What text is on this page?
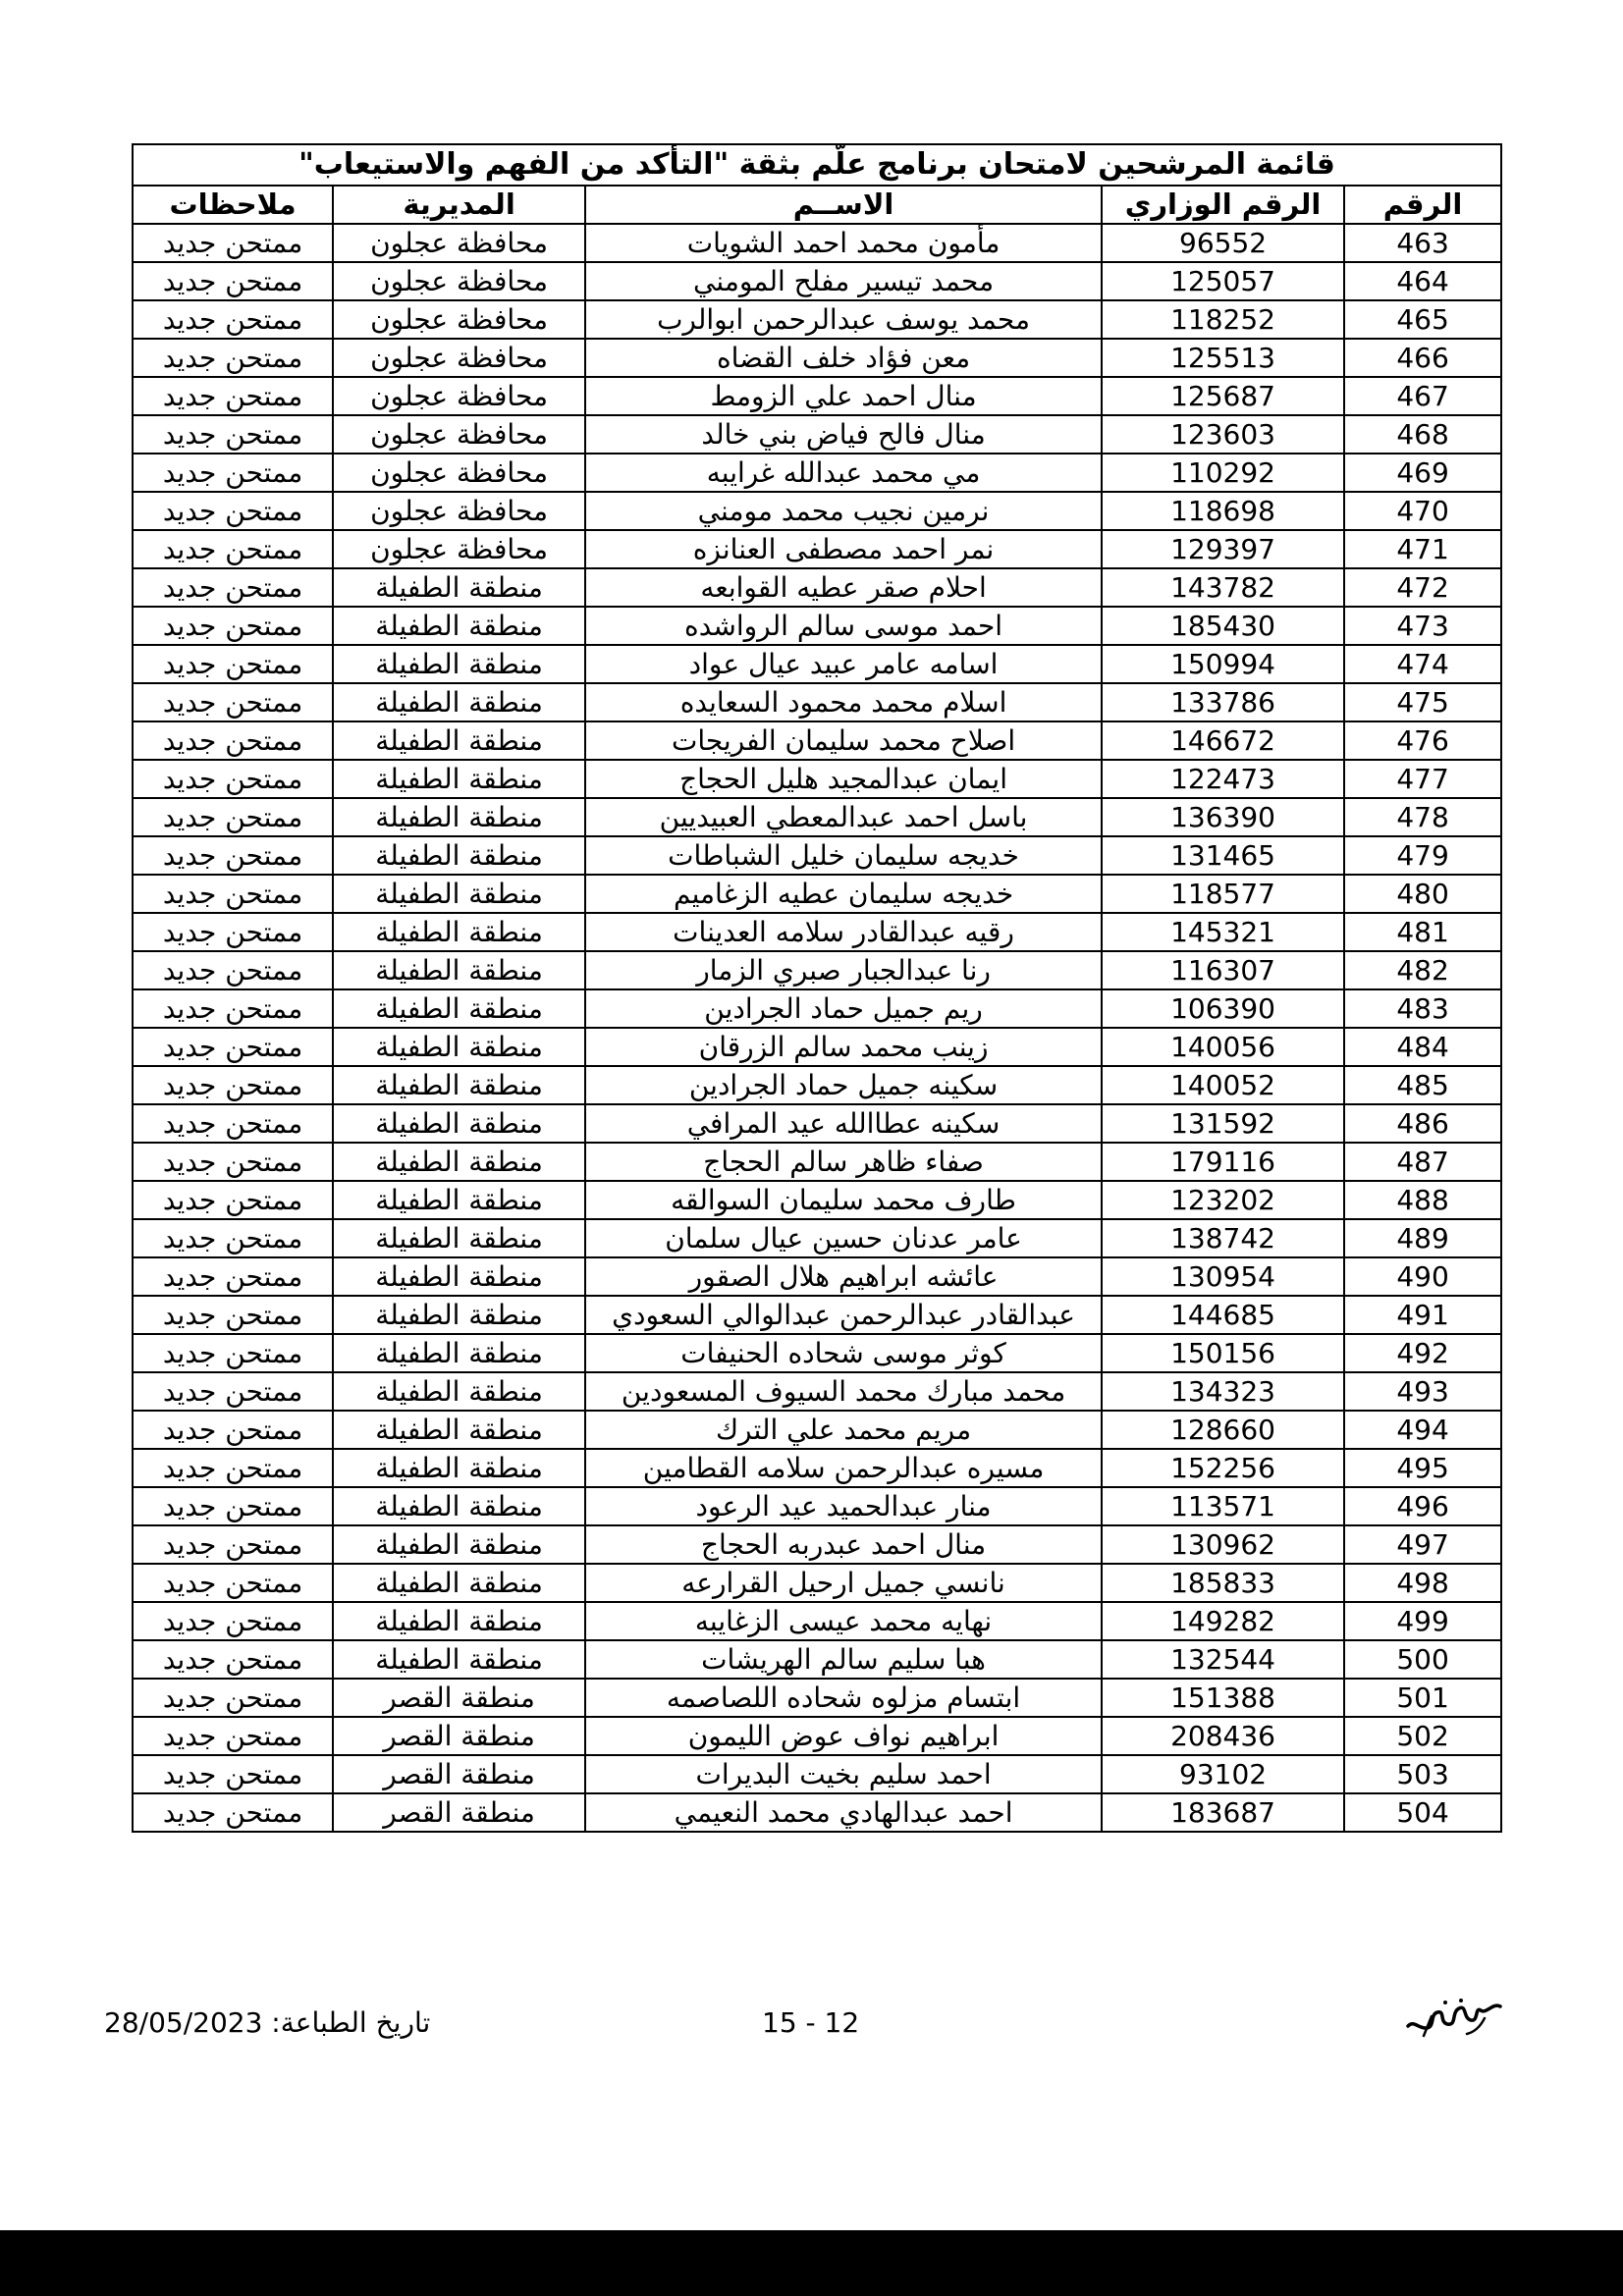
قائمة المرشحين لامتحان برنامج علّم بثقة "التأكد من الفهم والاستيعاب"				
الرقم	الرقم الوزاري	الاســم	المديرية	ملاحظات
463	96552	مأمون محمد احمد الشويات	محافظة عجلون	ممتحن جديد
464	125057	محمد تيسير مفلح المومني	محافظة عجلون	ممتحن جديد
465	118252	محمد يوسف عبدالرحمن ابوالرب	محافظة عجلون	ممتحن جديد
466	125513	معن فؤاد خلف القضاه	محافظة عجلون	ممتحن جديد
467	125687	منال احمد علي الزومط	محافظة عجلون	ممتحن جديد
468	123603	منال فالح فياض بني خالد	محافظة عجلون	ممتحن جديد
469	110292	مي محمد عبدالله غرايبه	محافظة عجلون	ممتحن جديد
470	118698	نرمين نجيب محمد مومني	محافظة عجلون	ممتحن جديد
471	129397	نمر احمد مصطفى العنانزه	محافظة عجلون	ممتحن جديد
472	143782	احلام صقر عطيه القوابعه	منطقة الطفيلة	ممتحن جديد
473	185430	احمد موسى سالم الرواشده	منطقة الطفيلة	ممتحن جديد
474	150994	اسامه عامر عبيد عيال عواد	منطقة الطفيلة	ممتحن جديد
475	133786	اسلام محمد محمود السعايده	منطقة الطفيلة	ممتحن جديد
476	146672	اصلاح محمد سليمان الفريجات	منطقة الطفيلة	ممتحن جديد
477	122473	ايمان عبدالمجيد هليل الحجاج	منطقة الطفيلة	ممتحن جديد
478	136390	باسل احمد عبدالمعطي العبيديين	منطقة الطفيلة	ممتحن جديد
479	131465	خديجه سليمان خليل الشباطات	منطقة الطفيلة	ممتحن جديد
480	118577	خديجه سليمان عطيه الزغاميم	منطقة الطفيلة	ممتحن جديد
481	145321	رقيه عبدالقادر سلامه العدينات	منطقة الطفيلة	ممتحن جديد
482	116307	رنا عبدالجبار صبري الزمار	منطقة الطفيلة	ممتحن جديد
483	106390	ريم جميل حماد الجرادين	منطقة الطفيلة	ممتحن جديد
484	140056	زينب محمد سالم الزرقان	منطقة الطفيلة	ممتحن جديد
485	140052	سكينه جميل حماد الجرادين	منطقة الطفيلة	ممتحن جديد
486	131592	سكينه عطاالله عيد المرافي	منطقة الطفيلة	ممتحن جديد
487	179116	صفاء ظاهر سالم الحجاج	منطقة الطفيلة	ممتحن جديد
488	123202	طارف محمد سليمان السوالقه	منطقة الطفيلة	ممتحن جديد
489	138742	عامر عدنان حسين عيال سلمان	منطقة الطفيلة	ممتحن جديد
490	130954	عائشه ابراهيم هلال الصقور	منطقة الطفيلة	ممتحن جديد
491	144685	عبدالقادر عبدالرحمن عبدالوالي السعودي	منطقة الطفيلة	ممتحن جديد
492	150156	كوثر موسى شحاده الحنيفات	منطقة الطفيلة	ممتحن جديد
493	134323	محمد مبارك محمد السيوف المسعودين	منطقة الطفيلة	ممتحن جديد
494	128660	مريم محمد علي الترك	منطقة الطفيلة	ممتحن جديد
495	152256	مسيره عبدالرحمن سلامه القطامين	منطقة الطفيلة	ممتحن جديد
496	113571	منار عبدالحميد عيد الرعود	منطقة الطفيلة	ممتحن جديد
497	130962	منال احمد عبدربه الحجاج	منطقة الطفيلة	ممتحن جديد
498	185833	نانسي جميل ارحيل القرارعه	منطقة الطفيلة	ممتحن جديد
499	149282	نهايه محمد عيسى الزغايبه	منطقة الطفيلة	ممتحن جديد
500	132544	هبا سليم سالم الهريشات	منطقة الطفيلة	ممتحن جديد
501	151388	ابتسام مزلوه شحاده اللصاصمه	منطقة القصر	ممتحن جديد
502	208436	ابراهيم نواف عوض الليمون	منطقة القصر	ممتحن جديد
503	93102	احمد سليم بخيت البديرات	منطقة القصر	ممتحن جديد
504	183687	احمد عبدالهادي محمد النعيمي	منطقة القصر	ممتحن جديد
تاريخ الطباعة: 28/05/2023	15 - 12
